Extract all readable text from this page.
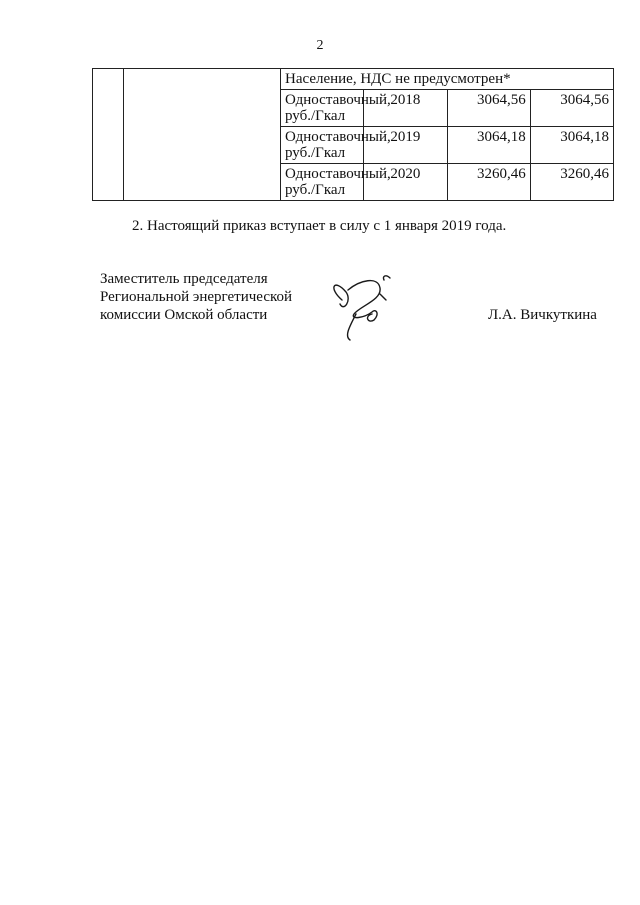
2
		Население, НДС не предусмотрен*			
		Одноставочный, руб./Гкал	2018	3064,56	3064,56
		Одноставочный, руб./Гкал	2019	3064,18	3064,18
		Одноставочный, руб./Гкал	2020	3260,46	3260,46
2. Настоящий приказ вступает в силу с 1 января 2019 года.
Заместитель председателя
Региональной энергетической
комиссии Омской области	Л.А. Вичкуткина
